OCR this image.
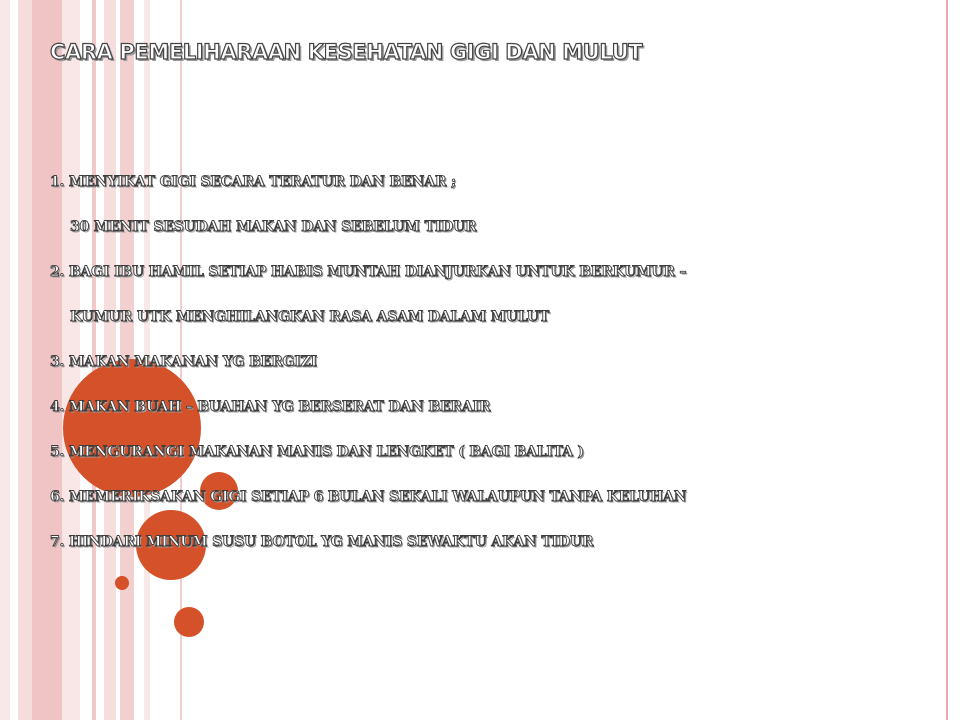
CARA PEMELIHARAAN KESEHATAN GIGI DAN MULUT
1. MENYIKAT GIGI SECARA TERATUR DAN BENAR ;
30 MENIT SESUDAH MAKAN DAN SEBELUM TIDUR
2. BAGI IBU HAMIL SETIAP HABIS MUNTAH DIANJURKAN UNTUK BERKUMUR –
KUMUR UTK MENGHILANGKAN RASA ASAM DALAM MULUT
3. MAKAN MAKANAN YG BERGIZI
4. MAKAN BUAH – BUAHAN YG BERSERAT DAN BERAIR
5. MENGURANGI MAKANAN MANIS DAN LENGKET ( BAGI BALITA )
6. MEMERIKSAKAN GIGI SETIAP 6 BULAN SEKALI WALAUPUN TANPA KELUHAN
7. HINDARI MINUM SUSU BOTOL YG MANIS SEWAKTU AKAN TIDUR
